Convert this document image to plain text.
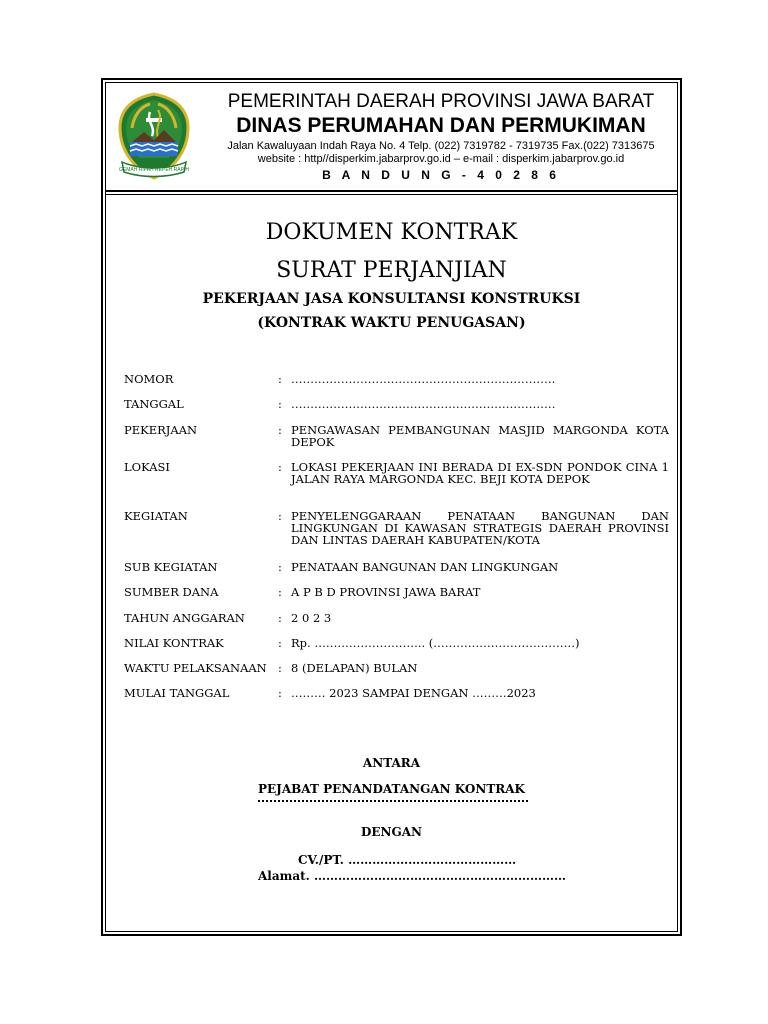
GEMAH RIPAH REPEH RAPIH
PEMERINTAH DAERAH PROVINSI JAWA BARAT
DINAS PERUMAHAN DAN PERMUKIMAN
Jalan Kawaluyaan Indah Raya No. 4 Telp. (022) 7319782 - 7319735 Fax.(022) 7313675
website : http//disperkim.jabarprov.go.id – e-mail : disperkim.jabarprov.go.id
B A N D U N G - 4 0 2 8 6
DOKUMEN KONTRAK
SURAT PERJANJIAN
PEKERJAAN JASA KONSULTANSI KONSTRUKSI
(KONTRAK WAKTU PENUGASAN)
NOMOR	: ……………………………………………………………
TANGGAL	: ……………………………………………………………
PEKERJAAN	: PENGAWASAN PEMBANGUNAN MASJID MARGONDA KOTA DEPOK
LOKASI	: LOKASI PEKERJAAN INI BERADA DI EX-SDN PONDOK CINA 1 JALAN RAYA MARGONDA KEC. BEJI KOTA DEPOK
KEGIATAN	: PENYELENGGARAAN PENATAAN BANGUNAN DAN LINGKUNGAN DI KAWASAN STRATEGIS DAERAH PROVINSI DAN LINTAS DAERAH KABUPATEN/KOTA
SUB KEGIATAN	: PENATAAN BANGUNAN DAN LINGKUNGAN
SUMBER DANA	: A P B D PROVINSI JAWA BARAT
TAHUN ANGGARAN	: 2 0 2 3
NILAI KONTRAK	: Rp. ……………………….. (……………………………….)
WAKTU PELAKSANAAN : 8 (DELAPAN) BULAN
MULAI TANGGAL	: ……… 2023 SAMPAI DENGAN ………2023
ANTARA
PEJABAT PENANDATANGAN KONTRAK
DENGAN
CV./PT. ……………………………………
Alamat. ………………………………………………………
